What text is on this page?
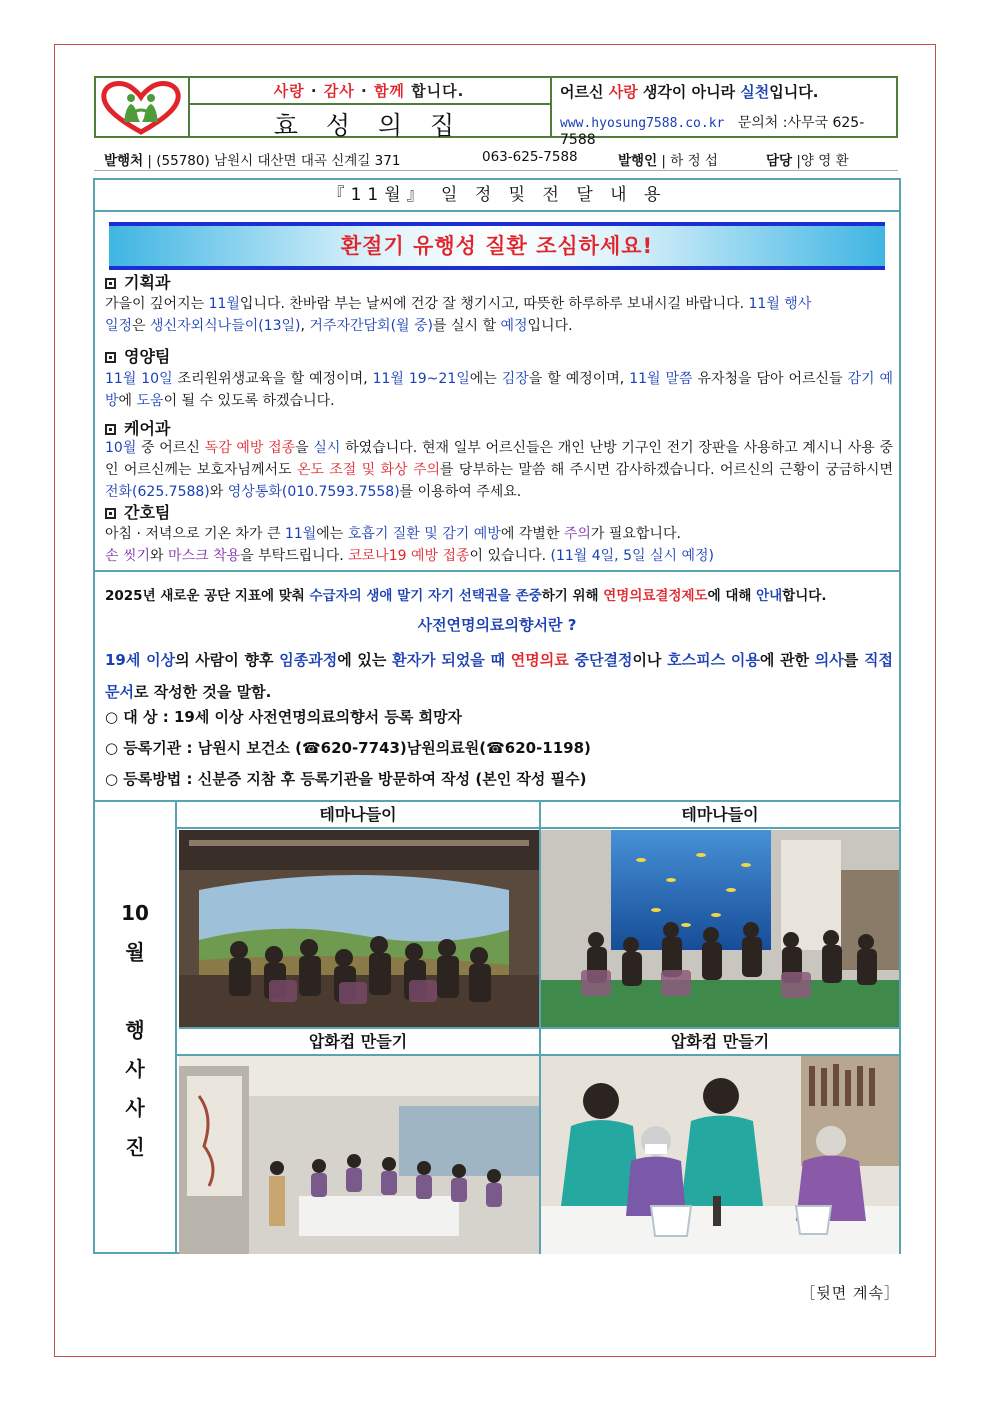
사랑 · 감사 · 함께 합니다.
효 성 의 집
어르신 사랑 생각이 아니라 실천입니다.
www.hyosung7588.co.kr 문의처 :사무국 625-7588
발행처 | (55780) 남원시 대산면 대곡 신계길 371	063-625-7588	발행인 | 하 정 섭	담당 |양 영 환
『11월』 일 정 및 전 달 내 용
환절기 유행성 질환 조심하세요!
기획과
가을이 깊어지는 11월입니다. 찬바람 부는 날씨에 건강 잘 챙기시고, 따뜻한 하루하루 보내시길 바랍니다. 11월 행사
일정은 생신자외식나들이(13일), 거주자간담회(월 중)를 실시 할 예정입니다.
영양팀
11월 10일 조리원위생교육을 할 예정이며, 11월 19~21일에는 김장을 할 예정이며, 11월 말쯤 유자청을 담아 어르신들 감기 예방에 도움이 될 수 있도록 하겠습니다.
케어과
10월 중 어르신 독감 예방 접종을 실시 하였습니다. 현재 일부 어르신들은 개인 난방 기구인 전기 장판을 사용하고 계시니 사용 중인 어르신께는 보호자님께서도 온도 조절 및 화상 주의를 당부하는 말씀 해 주시면 감사하겠습니다. 어르신의 근황이 궁금하시면 전화(625.7588)와 영상통화(010.7593.7558)를 이용하여 주세요.
간호팀
아침 · 저녁으로 기온 차가 큰 11월에는 호흡기 질환 및 감기 예방에 각별한 주의가 필요합니다.
손 씻기와 마스크 착용을 부탁드립니다. 코로나19 예방 접종이 있습니다. (11월 4일, 5일 실시 예정)
2025년 새로운 공단 지표에 맞춰 수급자의 생애 말기 자기 선택권을 존중하기 위해 연명의료결정제도에 대해 안내합니다.
사전연명의료의향서란 ?
19세 이상의 사람이 향후 임종과정에 있는 환자가 되었을 때 연명의료 중단결정이나 호스피스 이용에 관한 의사를 직접 문서로 작성한 것을 말함.
○ 대 상 : 19세 이상 사전연명의료의향서 등록 희망자
○ 등록기관 : 남원시 보건소 (☎620-7743)남원의료원(☎620-1198)
○ 등록방법 : 신분증 지참 후 등록기관을 방문하여 작성 (본인 작성 필수)
10
월
행
사
사
진
테마나들이	테마나들이
압화컵 만들기	압화컵 만들기
［뒷면 계속］
